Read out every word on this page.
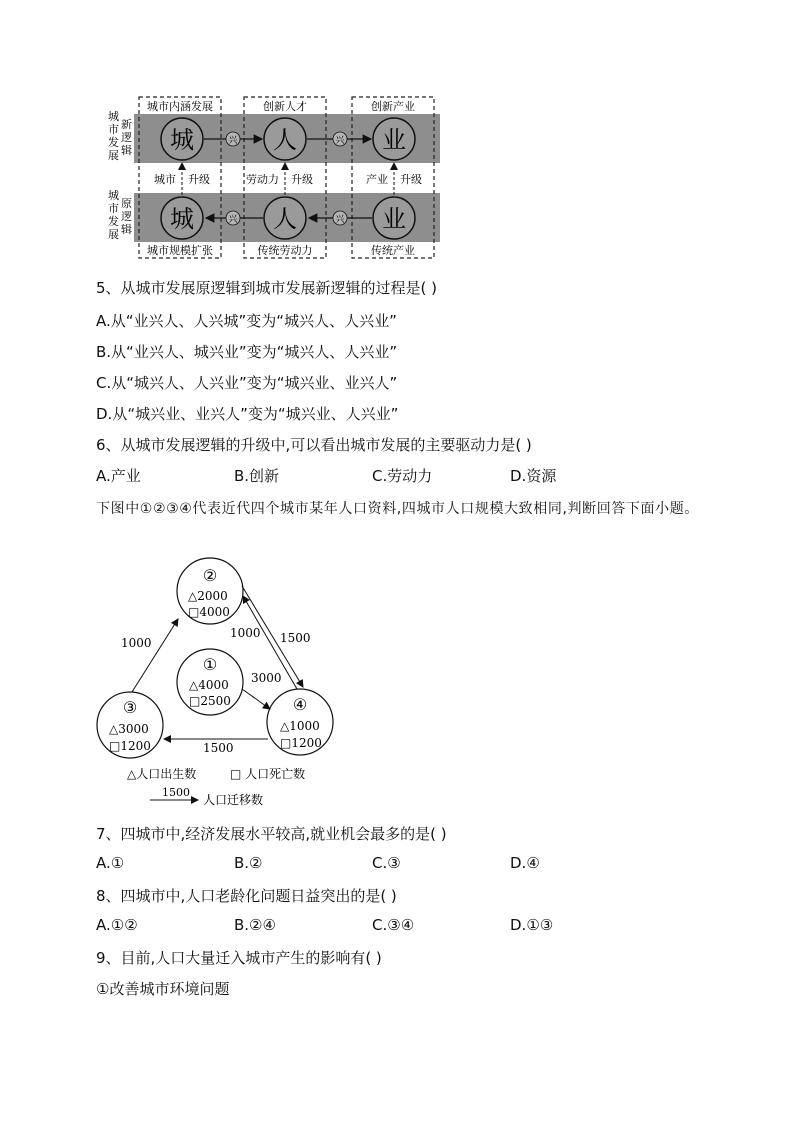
城市内涵发展	创新人才	创新产业
城市规模扩张	传统劳动力	传统产业
城
市
发
展
新
逻
辑
城
市
发
展
原
逻
辑
城	人	业
兴	兴
城	人	业
兴
兴
城市 升级	劳动力 升级	产业 升级
5、从城市发展原逻辑到城市发展新逻辑的过程是( )
A.从“业兴人、人兴城”变为“城兴人、人兴业”
B.从“业兴人、城兴业”变为“城兴人、人兴业”
C.从“城兴人、人兴业”变为“城兴业、业兴人”
D.从“城兴业、业兴人”变为“城兴业、人兴业”
6、从城市发展逻辑的升级中,可以看出城市发展的主要驱动力是( )
A.产业	B.创新	C.劳动力	D.资源
下图中①②③④代表近代四个城市某年人口资料,四城市人口规模大致相同,判断回答下面小题。
②
△2000
□4000
①
△4000
□2500
③
△3000
□1200
④
△1000
□1200
1000
1000 1500
3000
1500
△人口出生数	□ 人口死亡数
1500
人口迁移数
7、四城市中,经济发展水平较高,就业机会最多的是( )
A.①	B.②	C.③	D.④
8、四城市中,人口老龄化问题日益突出的是( )
A.①②	B.②④	C.③④	D.①③
9、目前,人口大量迁入城市产生的影响有( )
①改善城市环境问题
